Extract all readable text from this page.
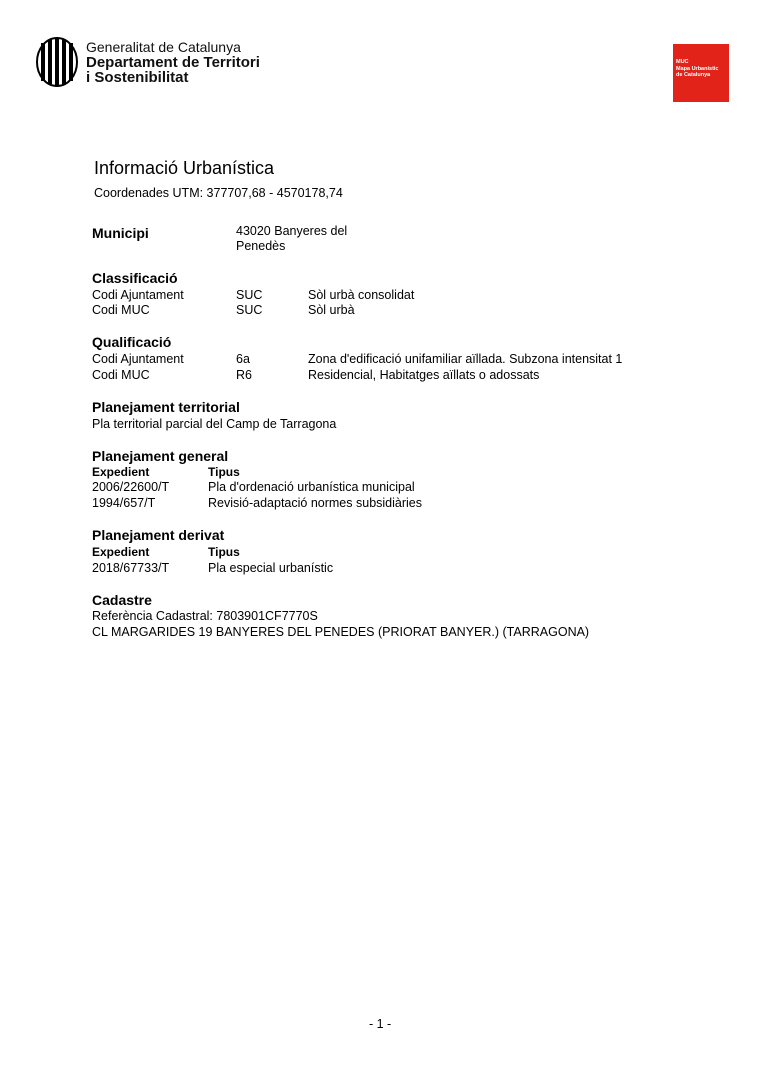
Generalitat de Catalunya
Departament de Territori
i Sostenibilitat
MUC
Mapa Urbanístic
de Catalunya
Informació Urbanística
Coordenades UTM: 377707,68 - 4570178,74
Municipi	43020 Banyeres del
Penedès
Classificació
Codi Ajuntament	SUC	Sòl urbà consolidat
Codi MUC	SUC	Sòl urbà
Qualificació
Codi Ajuntament	6a	Zona d'edificació unifamiliar aïllada. Subzona intensitat 1
Codi MUC	R6	Residencial, Habitatges aïllats o adossats
Planejament territorial
Pla territorial parcial del Camp de Tarragona
Planejament general
Expedient	Tipus
2006/22600/T	Pla d'ordenació urbanística municipal
1994/657/T	Revisió-adaptació normes subsidiàries
Planejament derivat
Expedient	Tipus
2018/67733/T	Pla especial urbanístic
Cadastre
Referència Cadastral: 7803901CF7770S
CL MARGARIDES 19 BANYERES DEL PENEDES (PRIORAT BANYER.) (TARRAGONA)
- 1 -
